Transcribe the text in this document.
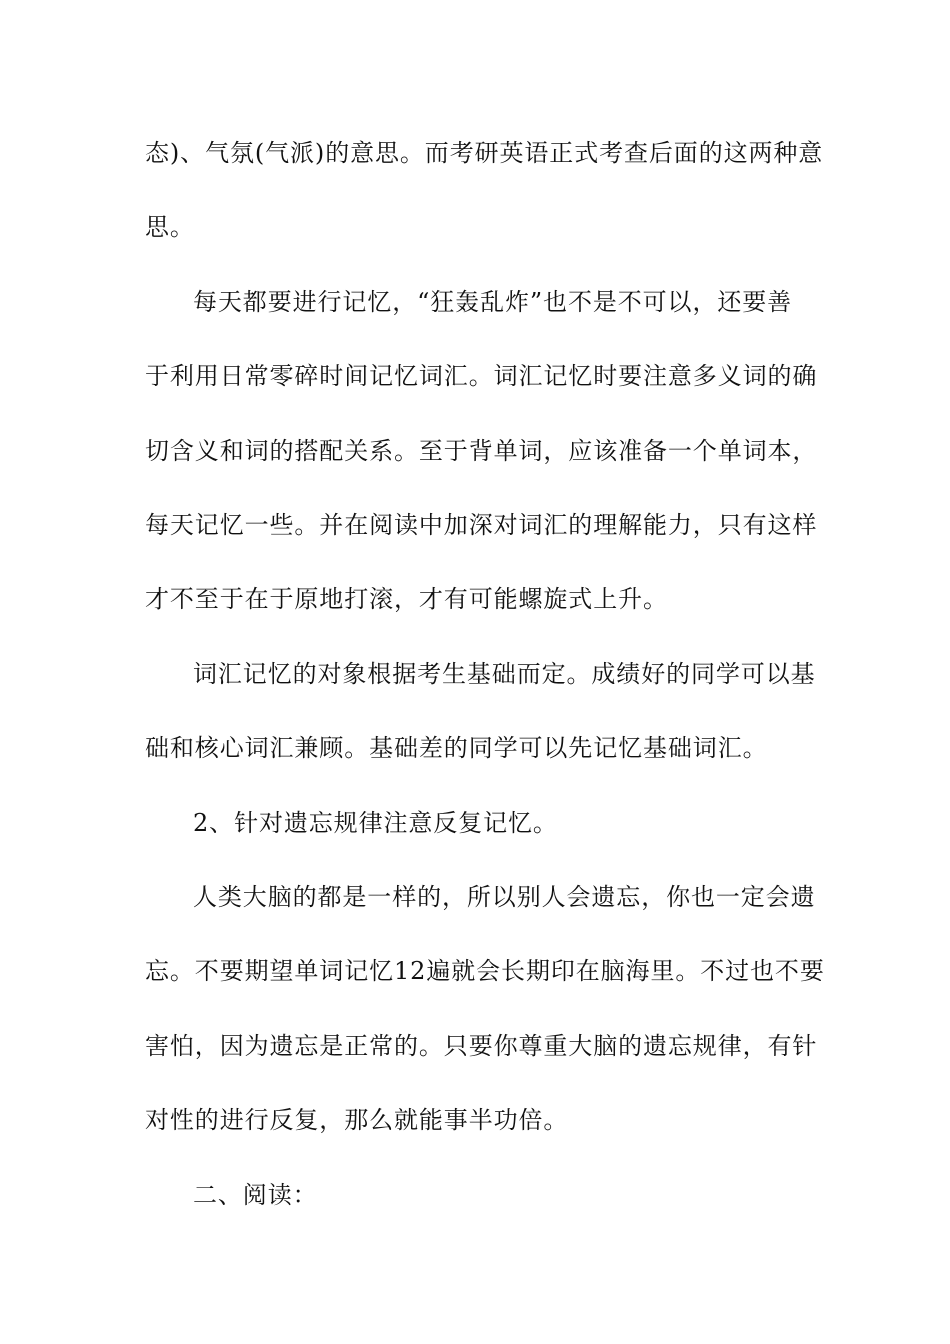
态)、气氛(气派)的意思。而考研英语正式考查后面的这两种意
思。
每天都要进行记忆，“狂轰乱炸”也不是不可以，还要善
于利用日常零碎时间记忆词汇。词汇记忆时要注意多义词的确
切含义和词的搭配关系。至于背单词，应该准备一个单词本，
每天记忆一些。并在阅读中加深对词汇的理解能力，只有这样
才不至于在于原地打滚，才有可能螺旋式上升。
词汇记忆的对象根据考生基础而定。成绩好的同学可以基
础和核心词汇兼顾。基础差的同学可以先记忆基础词汇。
2、针对遗忘规律注意反复记忆。
人类大脑的都是一样的，所以别人会遗忘，你也一定会遗
忘。不要期望单词记忆12遍就会长期印在脑海里。不过也不要
害怕，因为遗忘是正常的。只要你尊重大脑的遗忘规律，有针
对性的进行反复，那么就能事半功倍。
二、阅读：
